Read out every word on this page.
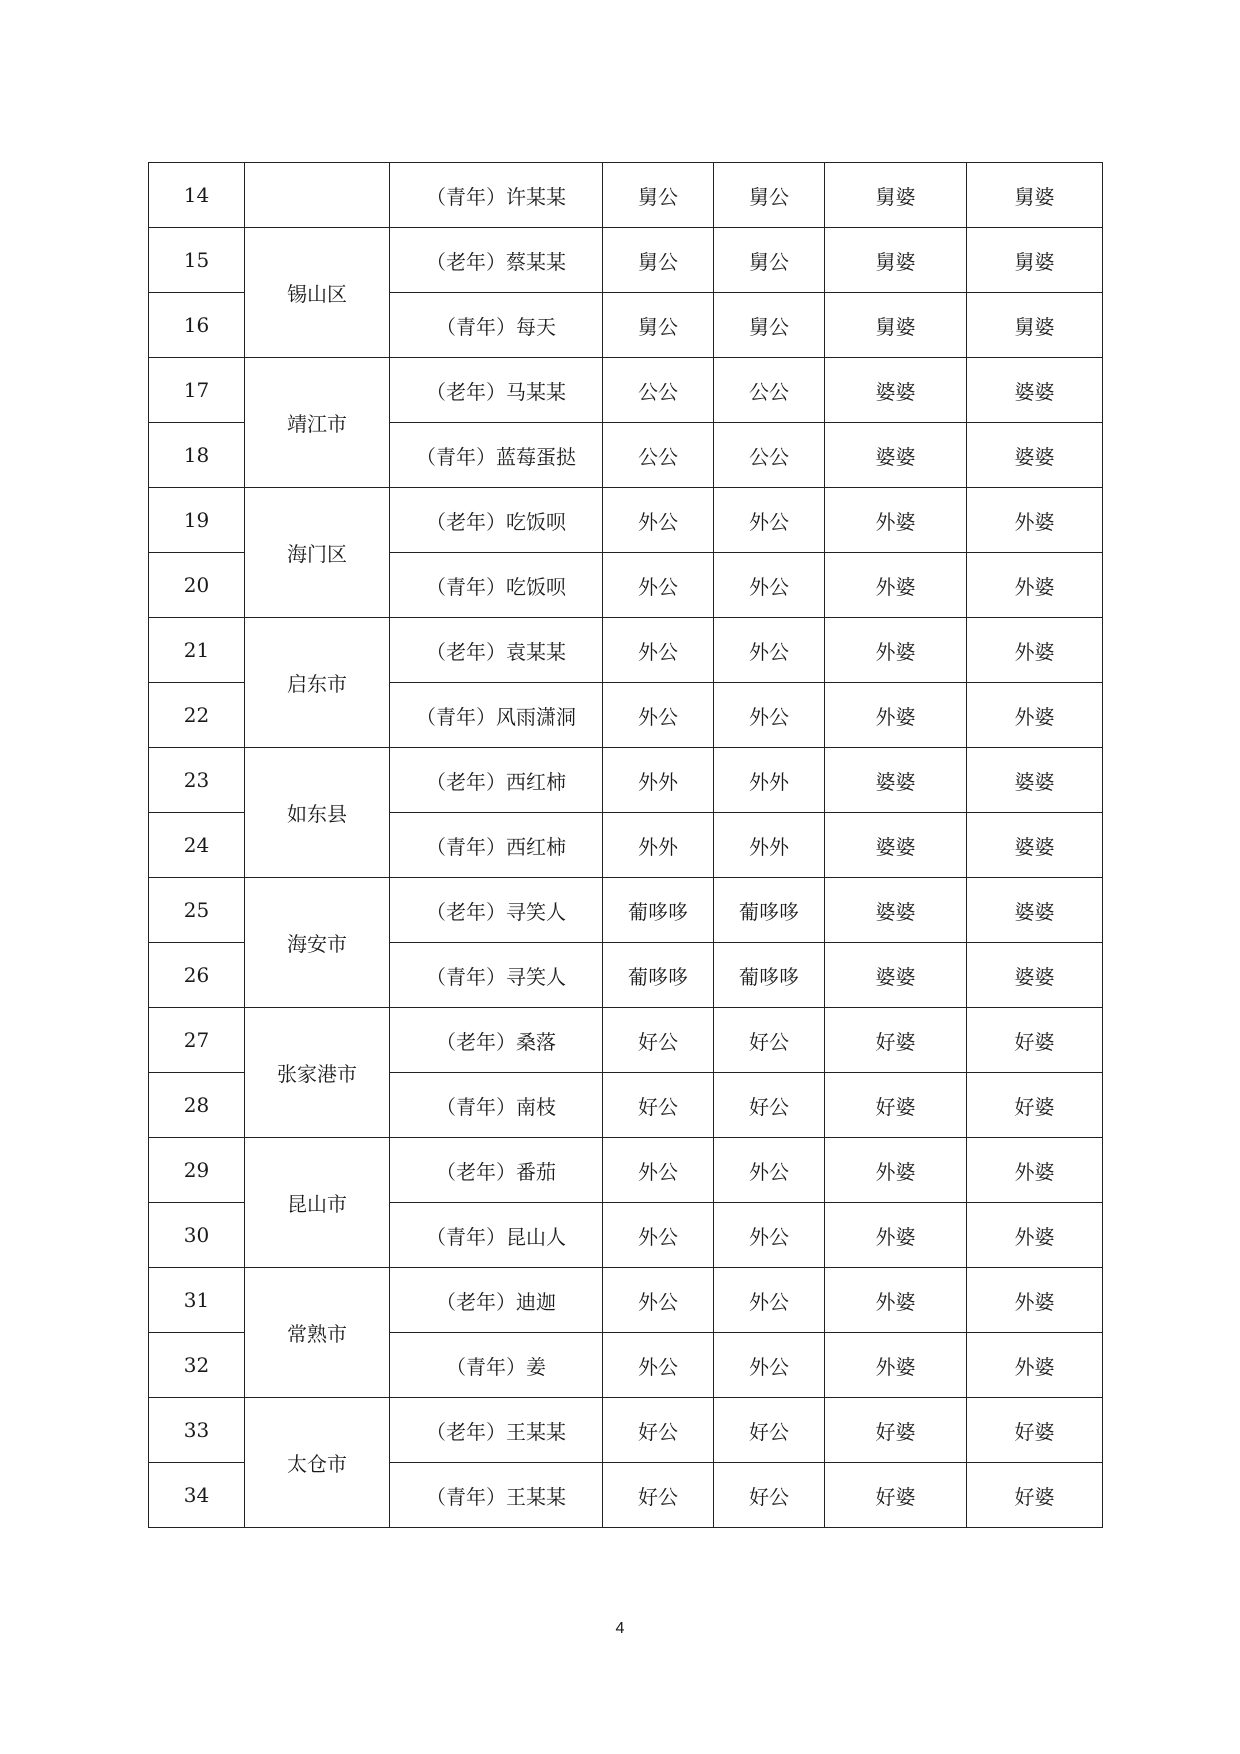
14		（青年）许某某	舅公	舅公	舅婆	舅婆
15	锡山区	（老年）蔡某某	舅公	舅公	舅婆	舅婆
16		（青年）每天	舅公	舅公	舅婆	舅婆
17	靖江市	（老年）马某某	公公	公公	婆婆	婆婆
18		（青年）蓝莓蛋挞	公公	公公	婆婆	婆婆
19	海门区	（老年）吃饭呗	外公	外公	外婆	外婆
20		（青年）吃饭呗	外公	外公	外婆	外婆
21	启东市	（老年）袁某某	外公	外公	外婆	外婆
22		（青年）风雨潇洞	外公	外公	外婆	外婆
23	如东县	（老年）西红柿	外外	外外	婆婆	婆婆
24		（青年）西红柿	外外	外外	婆婆	婆婆
25	海安市	（老年）寻笑人	葡哆哆	葡哆哆	婆婆	婆婆
26		（青年）寻笑人	葡哆哆	葡哆哆	婆婆	婆婆
27	张家港市	（老年）桑落	好公	好公	好婆	好婆
28		（青年）南枝	好公	好公	好婆	好婆
29	昆山市	（老年）番茄	外公	外公	外婆	外婆
30		（青年）昆山人	外公	外公	外婆	外婆
31	常熟市	（老年）迪迦	外公	外公	外婆	外婆
32		（青年）姜	外公	外公	外婆	外婆
33	太仓市	（老年）王某某	好公	好公	好婆	好婆
34		（青年）王某某	好公	好公	好婆	好婆
4
